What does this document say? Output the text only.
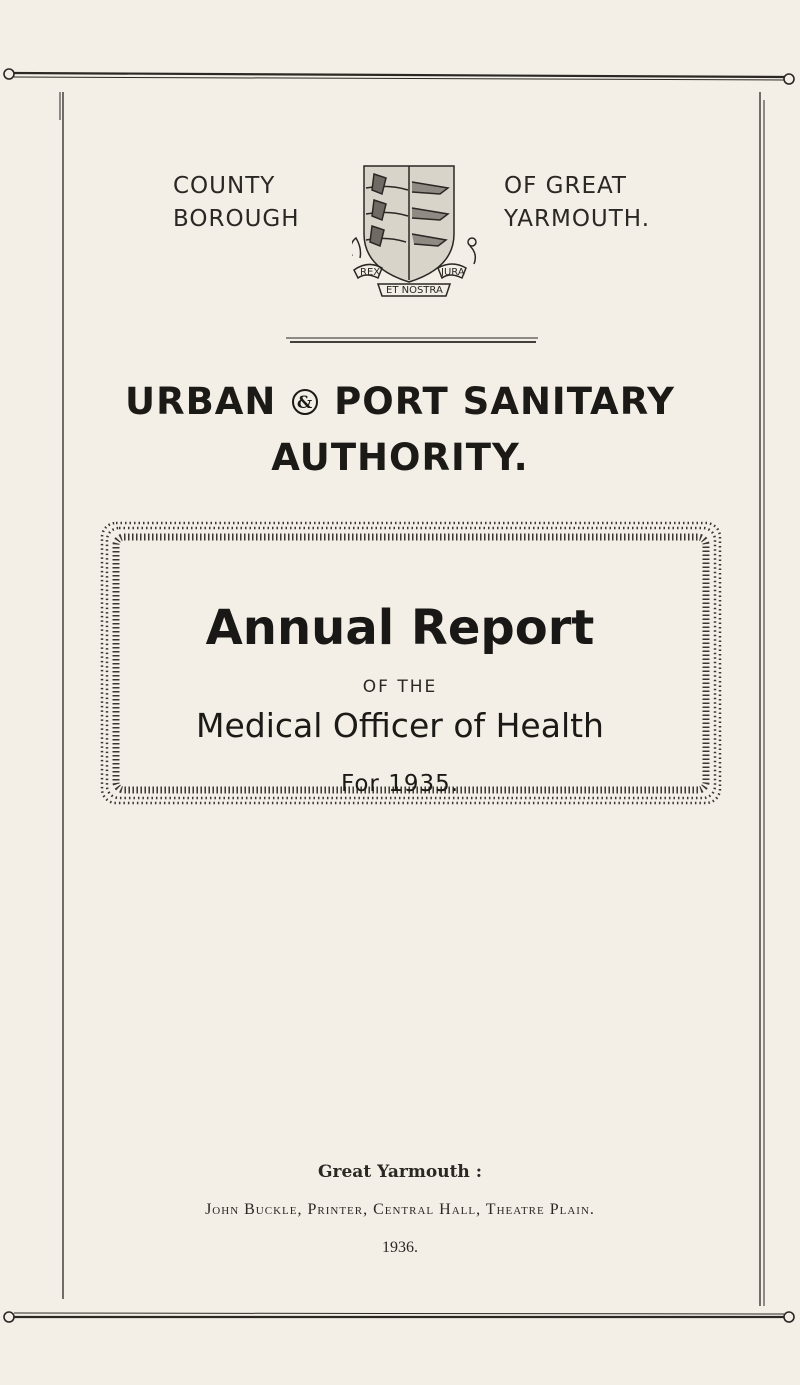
COUNTY
BOROUGH
REX	JURA
ET NOSTRA
OF GREAT
YARMOUTH.
URBAN & PORT SANITARY
AUTHORITY.
Annual Report
OF THE
Medical Officer of Health
For 1935.
Great Yarmouth :
John Buckle, Printer, Central Hall, Theatre Plain.
1936.
